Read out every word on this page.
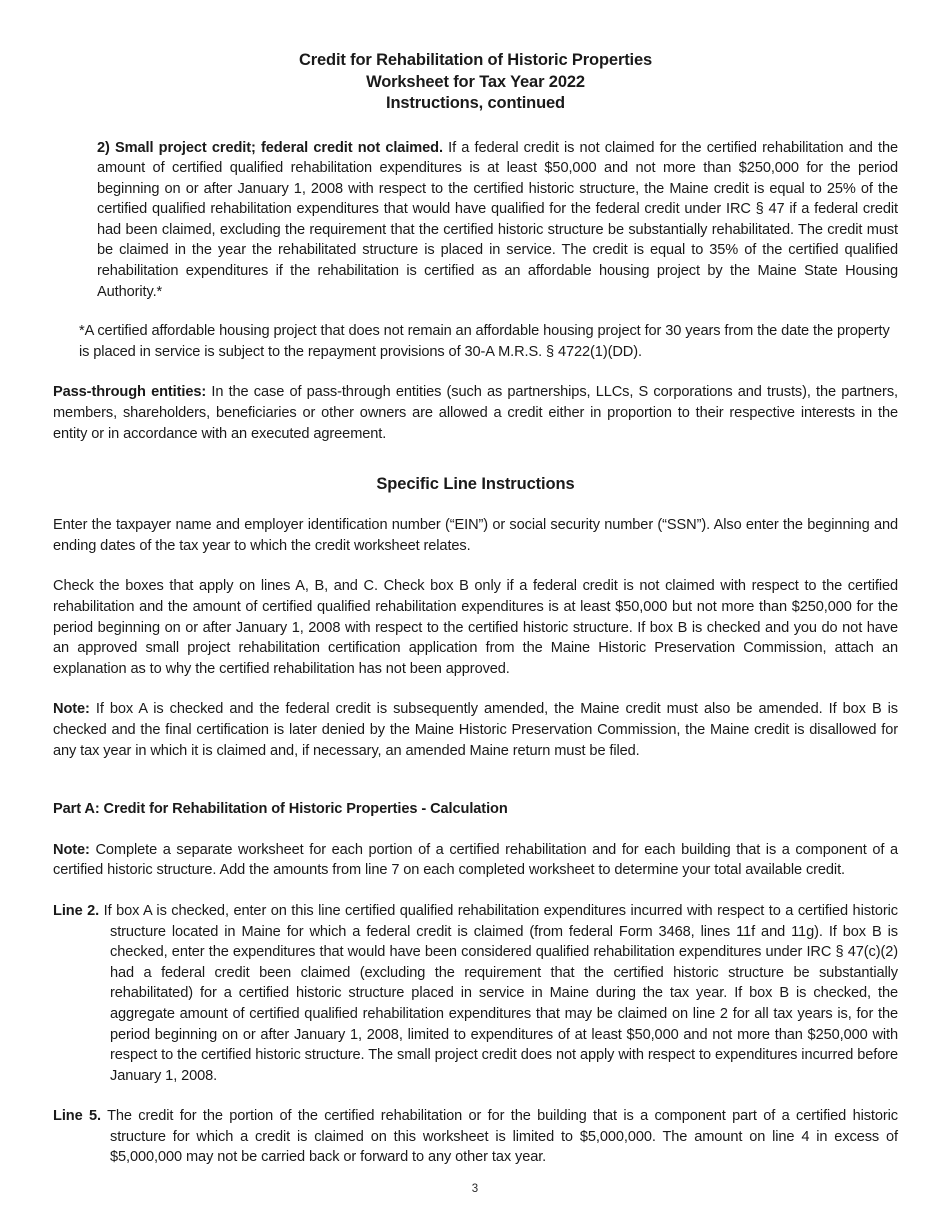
Credit for Rehabilitation of Historic Properties
Worksheet for Tax Year 2022
Instructions, continued

2) Small project credit; federal credit not claimed. If a federal credit is not claimed for the certified rehabilitation and the amount of certified qualified rehabilitation expenditures is at least $50,000 and not more than $250,000 for the period beginning on or after January 1, 2008 with respect to the certified historic structure, the Maine credit is equal to 25% of the certified qualified rehabilitation expenditures that would have qualified for the federal credit under IRC § 47 if a federal credit had been claimed, excluding the requirement that the certified historic structure be substantially rehabilitated. The credit must be claimed in the year the rehabilitated structure is placed in service. The credit is equal to 35% of the certified qualified rehabilitation expenditures if the rehabilitation is certified as an affordable housing project by the Maine State Housing Authority.*

*A certified affordable housing project that does not remain an affordable housing project for 30 years from the date the property is placed in service is subject to the repayment provisions of 30-A M.R.S. § 4722(1)(DD).

Pass-through entities: In the case of pass-through entities (such as partnerships, LLCs, S corporations and trusts), the partners, members, shareholders, beneficiaries or other owners are allowed a credit either in proportion to their respective interests in the entity or in accordance with an executed agreement.

Specific Line Instructions

Enter the taxpayer name and employer identification number (“EIN”) or social security number (“SSN”). Also enter the beginning and ending dates of the tax year to which the credit worksheet relates.

Check the boxes that apply on lines A, B, and C. Check box B only if a federal credit is not claimed with respect to the certified rehabilitation and the amount of certified qualified rehabilitation expenditures is at least $50,000 but not more than $250,000 for the period beginning on or after January 1, 2008 with respect to the certified historic structure. If box B is checked and you do not have an approved small project rehabilitation certification application from the Maine Historic Preservation Commission, attach an explanation as to why the certified rehabilitation has not been approved.

Note: If box A is checked and the federal credit is subsequently amended, the Maine credit must also be amended. If box B is checked and the final certification is later denied by the Maine Historic Preservation Commission, the Maine credit is disallowed for any tax year in which it is claimed and, if necessary, an amended Maine return must be filed.

Part A: Credit for Rehabilitation of Historic Properties - Calculation

Note: Complete a separate worksheet for each portion of a certified rehabilitation and for each building that is a component of a certified historic structure. Add the amounts from line 7 on each completed worksheet to determine your total available credit.

Line 2. If box A is checked, enter on this line certified qualified rehabilitation expenditures incurred with respect to a certified historic structure located in Maine for which a federal credit is claimed (from federal Form 3468, lines 11f and 11g). If box B is checked, enter the expenditures that would have been considered qualified rehabilitation expenditures under IRC § 47(c)(2) had a federal credit been claimed (excluding the requirement that the certified historic structure be substantially rehabilitated) for a certified historic structure placed in service in Maine during the tax year. If box B is checked, the aggregate amount of certified qualified rehabilitation expenditures that may be claimed on line 2 for all tax years is, for the period beginning on or after January 1, 2008, limited to expenditures of at least $50,000 and not more than $250,000 with respect to the certified historic structure. The small project credit does not apply with respect to expenditures incurred before January 1, 2008.

Line 5. The credit for the portion of the certified rehabilitation or for the building that is a component part of a certified historic structure for which a credit is claimed on this worksheet is limited to $5,000,000. The amount on line 4 in excess of $5,000,000 may not be carried back or forward to any other tax year.

3
